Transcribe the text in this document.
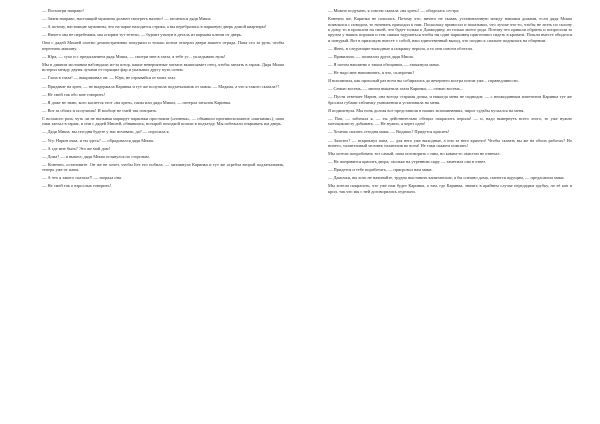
— Посмотри направо!

— Зачем направо, настоящий мужчина должен смотреть налево! — засмеялся дядя Миша.

— А потому, настоящие мужчины, что на парке находится стрика, а вы перебрались в парковую дверь домой квартиры!

— Ничего мы не перебежим, мы опорим тут тетели, — бурчит уткнув в деталь из кармана ключи от дверь.

Они с дядей Мишей охотно демонстративно покурили и только потом отперли двери нашего отряда. Папа сел за руль, чтобы перегнать машину.

— Юра, — сухо и с предыханием дядя Миша, — смотри мне в глаза, я тебе ус... укладывать нуль!

Мы в дикном молчании наблюдали из-за штор, какие невероятные зигзаги выписывает отец, чтобы заехать в гараж. Дядя Миша истерил между двумя лучами от горящих фар и указывал другу путь огнем.

— Глаза в глаза! — выкрикивал он. — Юра, не отрывайся от моих глаз.

— Придавит на хрен, — не выдержала Каринка и тут же получила подзатыльник от мамы. — Мадама, а что я такого сказала?!

— Не смей так обо мне говорить!

— Я даже не знаю, кого касается этот «на хрен», папы или дяди Миши, — потерла затылок Каринка.

— Вот за обоих и получишь! И вообще не смей так говорить.

С восьмого раза, чуть ли не вызывая маршрут парковки простиком («нонека», — объявило противоположное «мягкими»), папа таки заехал в гараж, и они с дядей Мишей, обнявшись, встырой походкой пошли в подъезду. Мы побежали открывать им дверь.

— Дядя Миша, вы сегодня будете у нас ночевать, да? — спросила я.

— Угу. Нарин очка, и ты здесь? — обрадовался дядя Миша.

— А где мне быть? Это же мой дом!

— Дома? — я вышел, дядя Миша оглянулся по сторонам.

— Конечно, остановите. Он же не хочет, чтобы Бет его побила, — хихикнула Каринка и тут же огребла второй подзатыльник, теперь уже от папы.

— А что я такого сказала?! — заорала она.

— Не смей так о взрослых говорить!

— Можно подумать, я совсем сказала «на хрен»! — обиделась сестра.

Конечно же, Каринка не сочилась. Потому что, ничего не сказав, установленную между нашими домами, если дядя Миша появлялся с поводом, то ночевать приходил к нам. Поскольку приносил и показывал, что лучше что-то, чтобы не лезть по склону к дому, то в прошлом на своей, что будет только к Диамодину, из только моего рода. Потому что пришли обратно и попросили за кругом у наших пороков и тем самым задуматься чтобы ни один паршивец приготовил сидеть в кровати. Пошли вместе обиделся и понурый. Вот в прихожую вместе с собой, наш единственный выход, что поздно к спальне поднялась на общении.

— Жень, в следующие выходные я покрашу перила, а то они совсем облезли.

— Правильно, — похвалил друга дядя Миша.

— Я потом напомню о таком обещании, — хмыкнула мама.

— Не надо мне напоминать, я что, склеротик?

Я вспомнила, как прошлый раз всем вы собирались до вечернего костра потом уже... справедливости.

— Семью восемь, — мигом выкатила глаза Каринка, — семью восемь...

— Пусти отвечает Нарин, она всегда старшая дочка, и никогда меня не подводит, — с неожиданным аппетитом Каринка тут же бросила губами табличку умножения и установила на меня.

Я подмигнула. Мы ночь долгая все представили в наших вспоминаниях, пирог судьбы пускался на меня.

— Пап, — заблеяла я, — ты действительно обещал покрасить перила! — и, надо вывернуть всего этого, то уже нужно мотоциклисту добывать. — Не нужно, а через одно!

— Хочешь сказать сегодня мама, — Видишь? Придется красить!

— Захотел? — вскрикнул папа, — для него уже выходные, а оно за него кряхтел! Чтобы сказать вы же на обоих работах? Но ничего, талантливый человек талантлив во всем! Не таки скажем помпать!

Мы хотели попробовать тот самый, папа поговорить с ним, но каким-то свистом не отвечал.

— Не понравится красить двора, сколько на утренним сыру — заметила она в ответ.

— Придется и тебе поработать, — пригрозил нам мама.

— Дамочки, вы хоть не начинайте, трудно выставить капитанские, я бы спешно дома, смеются ждущим, — предложила мама.

Мы хотели покрасить, что уже нам будет Каринка, а там, где Каринка, значит, в крайнем случае передадим трубку, по её кап и кроп, так что мы с ней договорились отдельно.
